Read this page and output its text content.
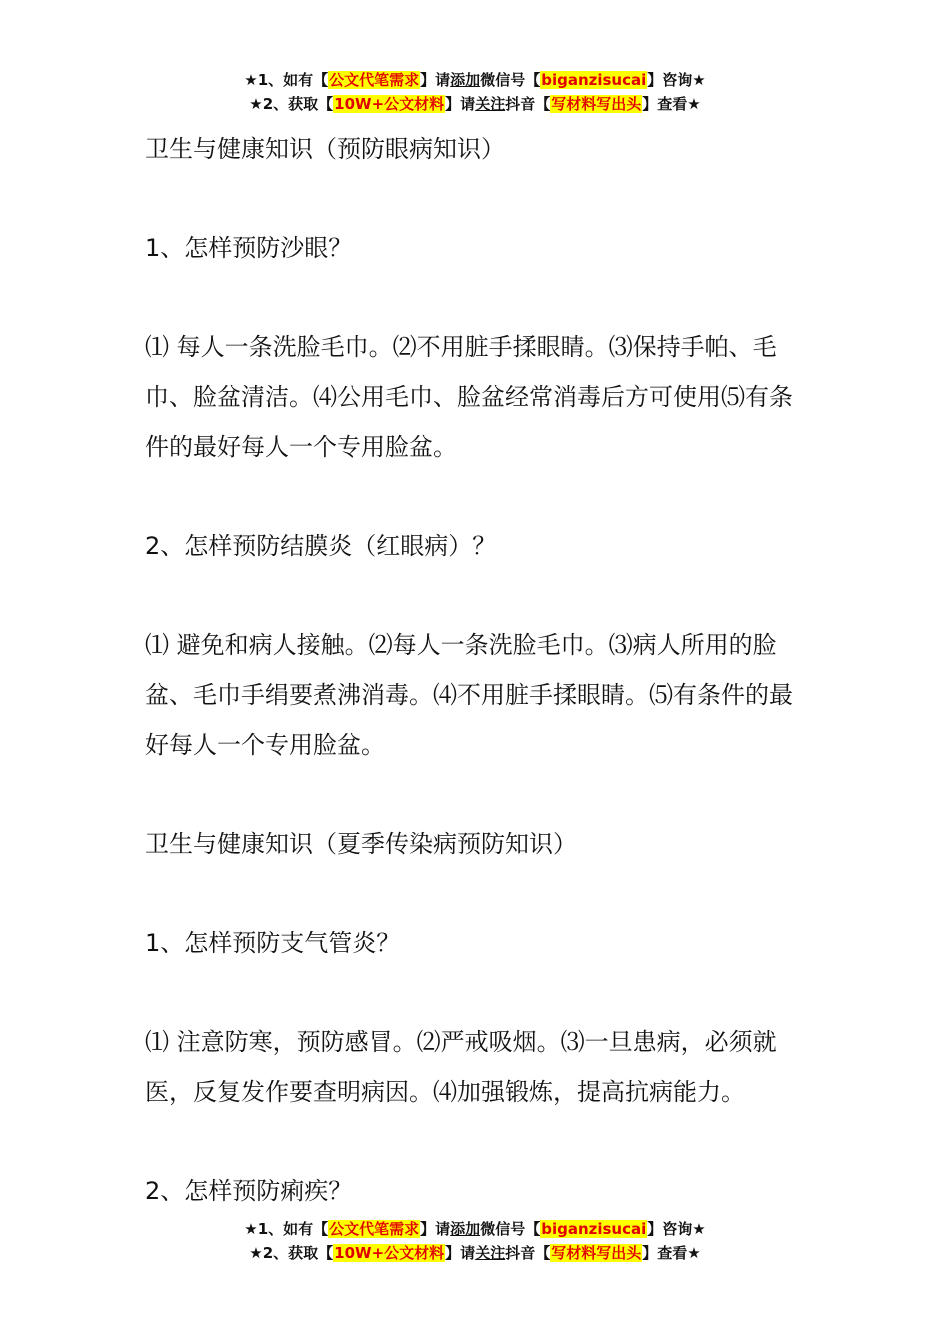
★1、如有【公文代笔需求】请添加微信号【biganzisucai】咨询★
★2、获取【10W+公文材料】请关注抖音【写材料写出头】查看★

卫生与健康知识（预防眼病知识）

1、怎样预防沙眼？

⑴ 每人一条洗脸毛巾。⑵不用脏手揉眼睛。⑶保持手帕、毛巾、脸盆清洁。⑷公用毛巾、脸盆经常消毒后方可使用⑸有条件的最好每人一个专用脸盆。

2、怎样预防结膜炎（红眼病）？

⑴ 避免和病人接触。⑵每人一条洗脸毛巾。⑶病人所用的脸盆、毛巾手绢要煮沸消毒。⑷不用脏手揉眼睛。⑸有条件的最好每人一个专用脸盆。

卫生与健康知识（夏季传染病预防知识）

1、怎样预防支气管炎？

⑴ 注意防寒，预防感冒。⑵严戒吸烟。⑶一旦患病，必须就医，反复发作要查明病因。⑷加强锻炼，提高抗病能力。

2、怎样预防痢疾？

★1、如有【公文代笔需求】请添加微信号【biganzisucai】咨询★
★2、获取【10W+公文材料】请关注抖音【写材料写出头】查看★
